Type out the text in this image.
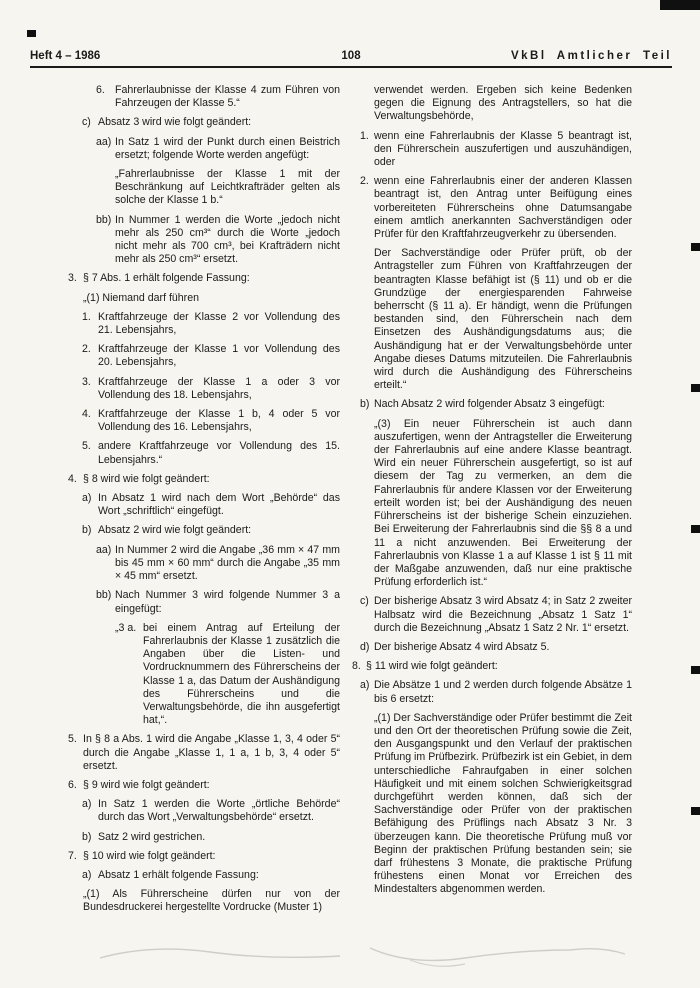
Heft 4 – 1986	108	VkBl Amtlicher Teil
6. Fahrerlaubnisse der Klasse 4 zum Führen von Fahrzeugen der Klasse 5.“
c) Absatz 3 wird wie folgt geändert:
aa) In Satz 1 wird der Punkt durch einen Beistrich ersetzt; folgende Worte werden angefügt:
„Fahrerlaubnisse der Klasse 1 mit der Beschränkung auf Leichtkrafträder gelten als solche der Klasse 1 b.“
bb) In Nummer 1 werden die Worte „jedoch nicht mehr als 250 cm³“ durch die Worte „jedoch nicht mehr als 700 cm³, bei Krafträdern nicht mehr als 250 cm³“ ersetzt.
3. § 7 Abs. 1 erhält folgende Fassung:
„(1) Niemand darf führen
1. Kraftfahrzeuge der Klasse 2 vor Vollendung des 21. Lebensjahrs,
2. Kraftfahrzeuge der Klasse 1 vor Vollendung des 20. Lebensjahrs,
3. Kraftfahrzeuge der Klasse 1 a oder 3 vor Vollendung des 18. Lebensjahrs,
4. Kraftfahrzeuge der Klasse 1 b, 4 oder 5 vor Vollendung des 16. Lebensjahrs,
5. andere Kraftfahrzeuge vor Vollendung des 15. Lebensjahrs.“
4. § 8 wird wie folgt geändert:
a) In Absatz 1 wird nach dem Wort „Behörde“ das Wort „schriftlich“ eingefügt.
b) Absatz 2 wird wie folgt geändert:
aa) In Nummer 2 wird die Angabe „36 mm × 47 mm bis 45 mm × 60 mm“ durch die Angabe „35 mm × 45 mm“ ersetzt.
bb) Nach Nummer 3 wird folgende Nummer 3 a eingefügt:
„3 a. bei einem Antrag auf Erteilung der Fahrerlaubnis der Klasse 1 zusätzlich die Angaben über die Listen- und Vordrucknummern des Führerscheins der Klasse 1 a, das Datum der Aushändigung des Führerscheins und die Verwaltungsbehörde, die ihn ausgefertigt hat,“.
5. In § 8 a Abs. 1 wird die Angabe „Klasse 1, 3, 4 oder 5“ durch die Angabe „Klasse 1, 1 a, 1 b, 3, 4 oder 5“ ersetzt.
6. § 9 wird wie folgt geändert:
a) In Satz 1 werden die Worte „örtliche Behörde“ durch das Wort „Verwaltungsbehörde“ ersetzt.
b) Satz 2 wird gestrichen.
7. § 10 wird wie folgt geändert:
a) Absatz 1 erhält folgende Fassung:
„(1) Als Führerscheine dürfen nur von der Bundesdruckerei hergestellte Vordrucke (Muster 1)
verwendet werden. Ergeben sich keine Bedenken gegen die Eignung des Antragstellers, so hat die Verwaltungsbehörde,
1. wenn eine Fahrerlaubnis der Klasse 5 beantragt ist, den Führerschein auszufertigen und auszuhändigen, oder
2. wenn eine Fahrerlaubnis einer der anderen Klassen beantragt ist, den Antrag unter Beifügung eines vorbereiteten Führerscheins ohne Datumsangabe einem amtlich anerkannten Sachverständigen oder Prüfer für den Kraftfahrzeugverkehr zu übersenden.
Der Sachverständige oder Prüfer prüft, ob der Antragsteller zum Führen von Kraftfahrzeugen der beantragten Klasse befähigt ist (§ 11) und ob er die Grundzüge der energiesparenden Fahrweise beherrscht (§ 11 a). Er händigt, wenn die Prüfungen bestanden sind, den Führerschein nach dem Einsetzen des Aushändigungsdatums aus; die Aushändigung hat er der Verwaltungsbehörde unter Angabe dieses Datums mitzuteilen. Die Fahrerlaubnis wird durch die Aushändigung des Führerscheins erteilt.“
b) Nach Absatz 2 wird folgender Absatz 3 eingefügt:
„(3) Ein neuer Führerschein ist auch dann auszufertigen, wenn der Antragsteller die Erweiterung der Fahrerlaubnis auf eine andere Klasse beantragt. Wird ein neuer Führerschein ausgefertigt, so ist auf diesem der Tag zu vermerken, an dem die Fahrerlaubnis für andere Klassen vor der Erweiterung erteilt worden ist; bei der Aushändigung des neuen Führerscheins ist der bisherige Schein einzuziehen. Bei Erweiterung der Fahrerlaubnis sind die §§ 8 a und 11 a nicht anzuwenden. Bei Erweiterung der Fahrerlaubnis von Klasse 1 a auf Klasse 1 ist § 11 mit der Maßgabe anzuwenden, daß nur eine praktische Prüfung erforderlich ist.“
c) Der bisherige Absatz 3 wird Absatz 4; in Satz 2 zweiter Halbsatz wird die Bezeichnung „Absatz 1 Satz 1“ durch die Bezeichnung „Absatz 1 Satz 2 Nr. 1“ ersetzt.
d) Der bisherige Absatz 4 wird Absatz 5.
8. § 11 wird wie folgt geändert:
a) Die Absätze 1 und 2 werden durch folgende Absätze 1 bis 6 ersetzt:
„(1) Der Sachverständige oder Prüfer bestimmt die Zeit und den Ort der theoretischen Prüfung sowie die Zeit, den Ausgangspunkt und den Verlauf der praktischen Prüfung im Prüfbezirk. Prüfbezirk ist ein Gebiet, in dem unterschiedliche Fahraufgaben in einer solchen Häufigkeit und mit einem solchen Schwierigkeitsgrad durchgeführt werden können, daß sich der Sachverständige oder Prüfer von der praktischen Befähigung des Prüflings nach Absatz 3 Nr. 3 überzeugen kann. Die theoretische Prüfung muß vor Beginn der praktischen Prüfung bestanden sein; sie darf frühestens 3 Monate, die praktische Prüfung frühestens einen Monat vor Erreichen des Mindestalters abgenommen werden.
